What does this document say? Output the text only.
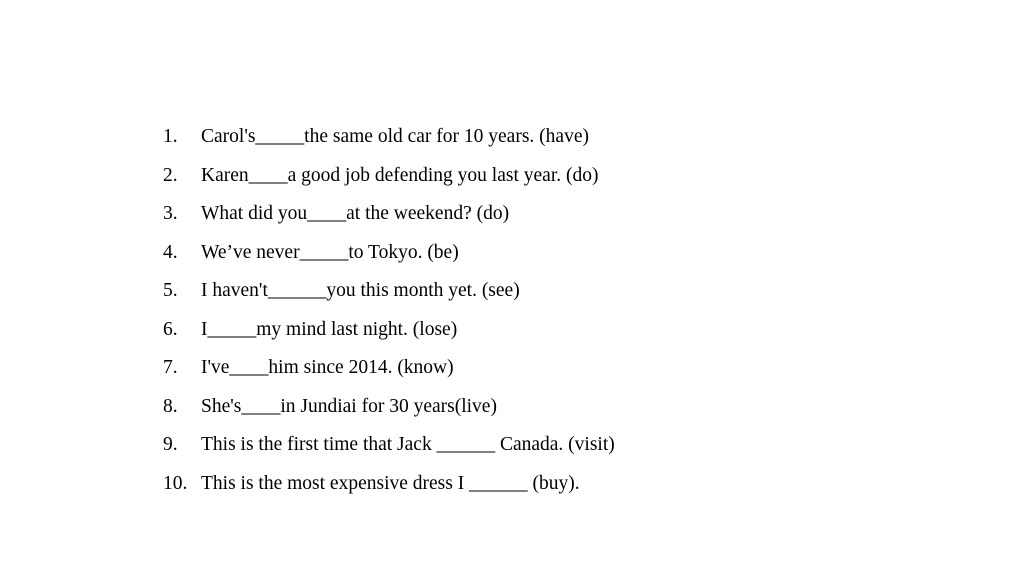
1.	Carol's_____the same old car for 10 years. (have)
2.	Karen____a good job defending you last year. (do)
3.	What did you____at the weekend? (do)
4.	We’ve never_____to Tokyo. (be)
5.	I haven't______you this month yet. (see)
6.	I_____my mind last night. (lose)
7.	I've____him since 2014. (know)
8.	She's____in Jundiai for 30 years(live)
9.	This is the first time that Jack ______ Canada. (visit)
10. This is the most expensive dress I ______ (buy).
